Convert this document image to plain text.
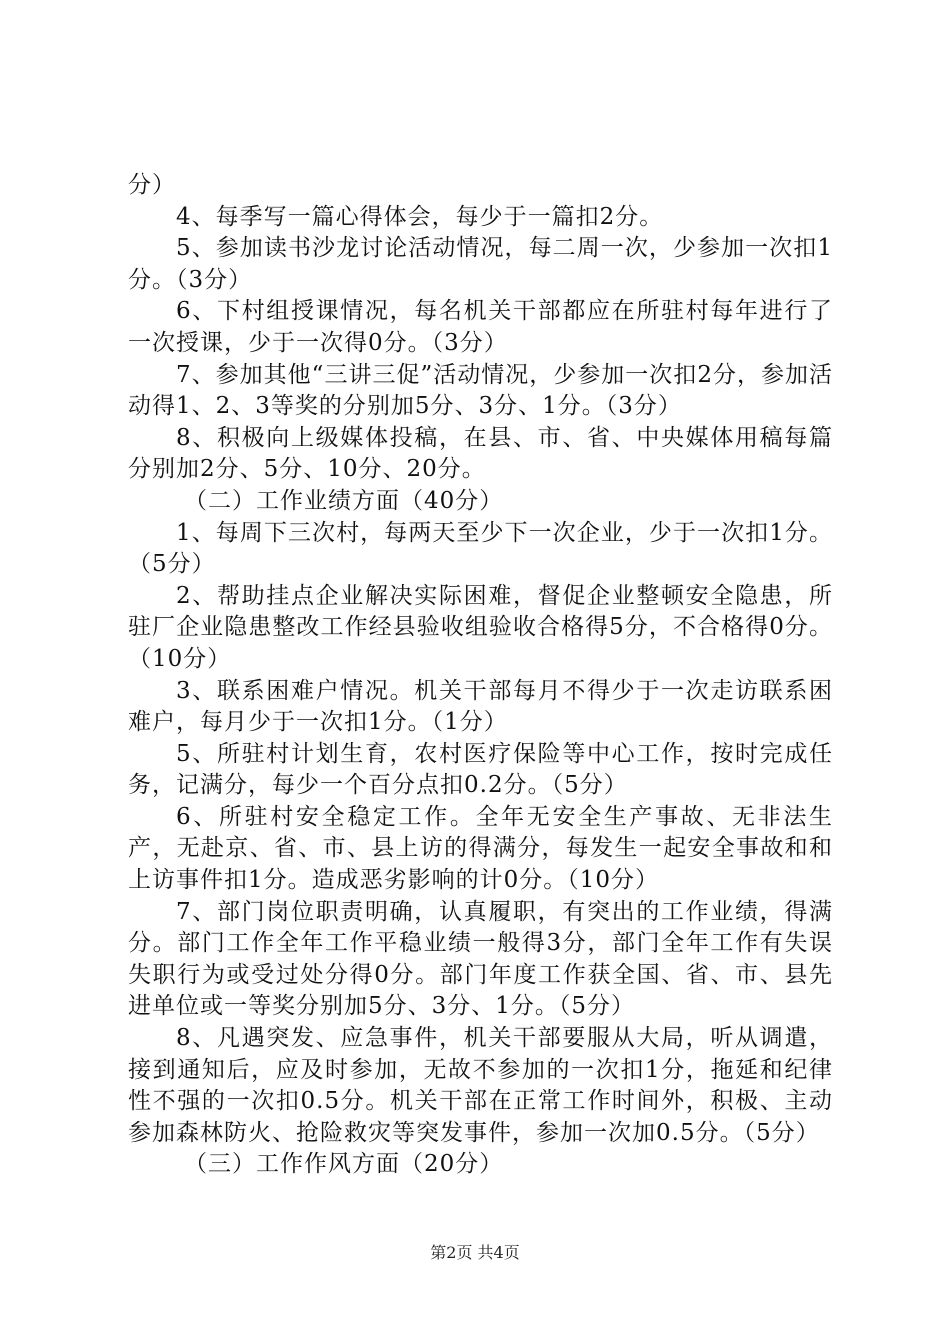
分）

4、每季写一篇心得体会，每少于一篇扣2分。

5、参加读书沙龙讨论活动情况，每二周一次，少参加一次扣1分。（3分）

6、下村组授课情况，每名机关干部都应在所驻村每年进行了一次授课，少于一次得0分。（3分）

7、参加其他“三讲三促”活动情况，少参加一次扣2分，参加活动得1、2、3等奖的分别加5分、3分、1分。（3分）

8、积极向上级媒体投稿，在县、市、省、中央媒体用稿每篇分别加2分、5分、10分、20分。

（二）工作业绩方面（40分）

1、每周下三次村，每两天至少下一次企业，少于一次扣1分。（5分）

2、帮助挂点企业解决实际困难，督促企业整顿安全隐患，所驻厂企业隐患整改工作经县验收组验收合格得5分，不合格得0分。（10分）

3、联系困难户情况。机关干部每月不得少于一次走访联系困难户，每月少于一次扣1分。（1分）

5、所驻村计划生育，农村医疗保险等中心工作，按时完成任务，记满分，每少一个百分点扣0.2分。（5分）

6、所驻村安全稳定工作。全年无安全生产事故、无非法生产，无赴京、省、市、县上访的得满分，每发生一起安全事故和和上访事件扣1分。造成恶劣影响的计0分。（10分）

7、部门岗位职责明确，认真履职，有突出的工作业绩，得满分。部门工作全年工作平稳业绩一般得3分，部门全年工作有失误失职行为或受过处分得0分。部门年度工作获全国、省、市、县先进单位或一等奖分别加5分、3分、1分。（5分）

8、凡遇突发、应急事件，机关干部要服从大局，听从调遣，接到通知后，应及时参加，无故不参加的一次扣1分，拖延和纪律性不强的一次扣0.5分。机关干部在正常工作时间外，积极、主动参加森林防火、抢险救灾等突发事件，参加一次加0.5分。（5分）

（三）工作作风方面（20分）

第2页 共4页
